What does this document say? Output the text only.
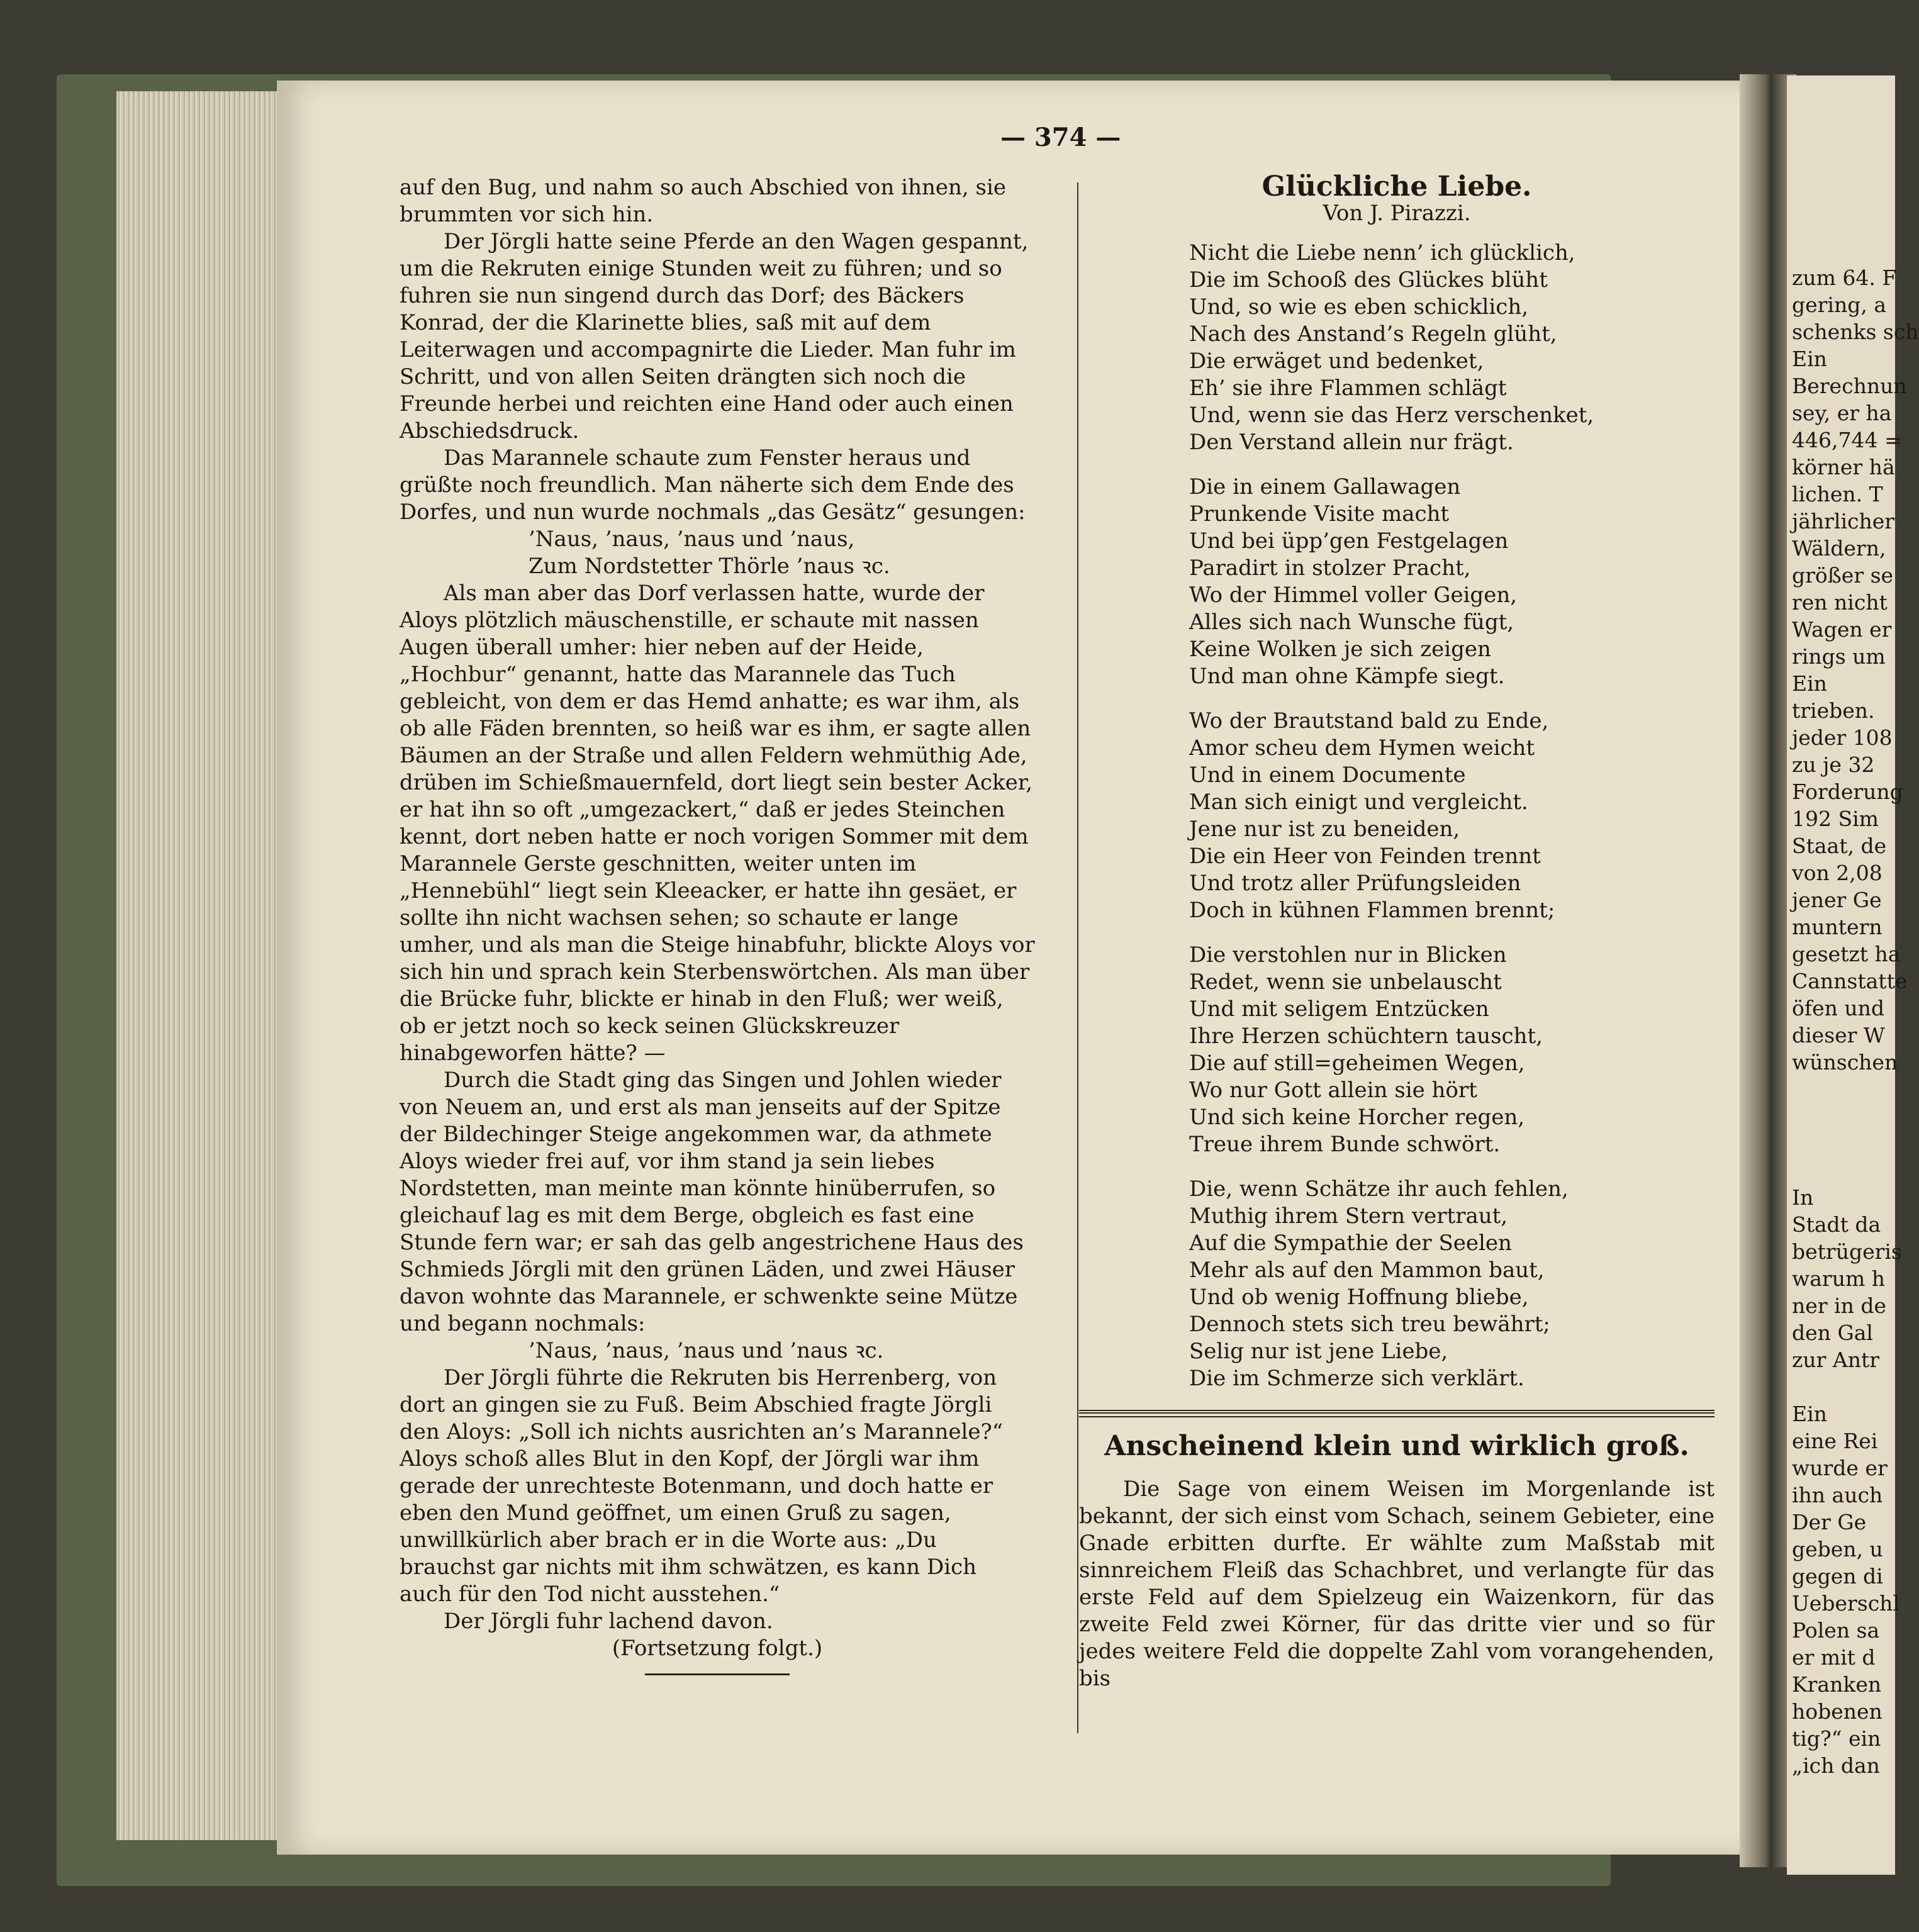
— 374 —

auf den Bug, und nahm so auch Abschied von ihnen, sie brummten vor sich hin.

Der Jörgli hatte seine Pferde an den Wagen gespannt, um die Rekruten einige Stunden weit zu führen; und so fuhren sie nun singend durch das Dorf; des Bäckers Konrad, der die Klarinette blies, saß mit auf dem Leiterwagen und accompagnirte die Lieder. Man fuhr im Schritt, und von allen Seiten drängten sich noch die Freunde herbei und reichten eine Hand oder auch einen Abschiedsdruck.

Das Marannele schaute zum Fenster heraus und grüßte noch freundlich. Man näherte sich dem Ende des Dorfes, und nun wurde nochmals „das Gesätz“ gesungen:

’Naus, ’naus, ’naus und ’naus,

Zum Nordstetter Thörle ’naus ꝛc.

Als man aber das Dorf verlassen hatte, wurde der Aloys plötzlich mäuschenstille, er schaute mit nassen Augen überall umher: hier neben auf der Heide, „Hochbur“ genannt, hatte das Marannele das Tuch gebleicht, von dem er das Hemd anhatte; es war ihm, als ob alle Fäden brennten, so heiß war es ihm, er sagte allen Bäumen an der Straße und allen Feldern wehmüthig Ade, drüben im Schießmauernfeld, dort liegt sein bester Acker, er hat ihn so oft „umgezackert,“ daß er jedes Steinchen kennt, dort neben hatte er noch vorigen Sommer mit dem Marannele Gerste geschnitten, weiter unten im „Hennebühl“ liegt sein Kleeacker, er hatte ihn gesäet, er sollte ihn nicht wachsen sehen; so schaute er lange umher, und als man die Steige hinabfuhr, blickte Aloys vor sich hin und sprach kein Sterbenswörtchen. Als man über die Brücke fuhr, blickte er hinab in den Fluß; wer weiß, ob er jetzt noch so keck seinen Glückskreuzer hinabgeworfen hätte? —

Durch die Stadt ging das Singen und Johlen wieder von Neuem an, und erst als man jenseits auf der Spitze der Bildechinger Steige angekommen war, da athmete Aloys wieder frei auf, vor ihm stand ja sein liebes Nordstetten, man meinte man könnte hinüberrufen, so gleichauf lag es mit dem Berge, obgleich es fast eine Stunde fern war; er sah das gelb angestrichene Haus des Schmieds Jörgli mit den grünen Läden, und zwei Häuser davon wohnte das Marannele, er schwenkte seine Mütze und begann nochmals:

’Naus, ’naus, ’naus und ’naus ꝛc.

Der Jörgli führte die Rekruten bis Herrenberg, von dort an gingen sie zu Fuß. Beim Abschied fragte Jörgli den Aloys: „Soll ich nichts ausrichten an’s Marannele?“ Aloys schoß alles Blut in den Kopf, der Jörgli war ihm gerade der unrechteste Botenmann, und doch hatte er eben den Mund geöffnet, um einen Gruß zu sagen, unwillkürlich aber brach er in die Worte aus: „Du brauchst gar nichts mit ihm schwätzen, es kann Dich auch für den Tod nicht ausstehen.“

Der Jörgli fuhr lachend davon.

(Fortsetzung folgt.)

Glückliche Liebe.
Von J. Pirazzi.
Nicht die Liebe nenn’ ich glücklich,
Die im Schooß des Glückes blüht
Und, so wie es eben schicklich,
Nach des Anstand’s Regeln glüht,
Die erwäget und bedenket,
Eh’ sie ihre Flammen schlägt
Und, wenn sie das Herz verschenket,
Den Verstand allein nur frägt.
Die in einem Gallawagen
Prunkende Visite macht
Und bei üpp’gen Festgelagen
Paradirt in stolzer Pracht,
Wo der Himmel voller Geigen,
Alles sich nach Wunsche fügt,
Keine Wolken je sich zeigen
Und man ohne Kämpfe siegt.
Wo der Brautstand bald zu Ende,
Amor scheu dem Hymen weicht
Und in einem Documente
Man sich einigt und vergleicht.
Jene nur ist zu beneiden,
Die ein Heer von Feinden trennt
Und trotz aller Prüfungsleiden
Doch in kühnen Flammen brennt;
Die verstohlen nur in Blicken
Redet, wenn sie unbelauscht
Und mit seligem Entzücken
Ihre Herzen schüchtern tauscht,
Die auf still=geheimen Wegen,
Wo nur Gott allein sie hört
Und sich keine Horcher regen,
Treue ihrem Bunde schwört.
Die, wenn Schätze ihr auch fehlen,
Muthig ihrem Stern vertraut,
Auf die Sympathie der Seelen
Mehr als auf den Mammon baut,
Und ob wenig Hoffnung bliebe,
Dennoch stets sich treu bewährt;
Selig nur ist jene Liebe,
Die im Schmerze sich verklärt.
Anscheinend klein und wirklich groß.

Die Sage von einem Weisen im Morgenlande ist bekannt, der sich einst vom Schach, seinem Gebieter, eine Gnade erbitten durfte. Er wählte zum Maßstab mit sinnreichem Fleiß das Schachbret, und verlangte für das erste Feld auf dem Spielzeug ein Waizenkorn, für das zweite Feld zwei Körner, für das dritte vier und so für jedes weitere Feld die doppelte Zahl vom vorangehenden, bis

zum 64. F
gering, a
schenks sch
Ein
Berechnun
sey, er ha
446,744 =
körner hä
lichen. T
jährlicher
Wäldern,
größer se
ren nicht
Wagen er
rings um
Ein
trieben.
jeder 108
zu je 32
Forderung
192 Sim
Staat, de
von 2,08
jener Ge
muntern
gesetzt ha
Cannstatte
öfen und
dieser W
wünschen
In
Stadt da
betrügeris
warum h
ner in de
den Gal
zur Antr
Ein
eine Rei
wurde er
ihn auch
Der Ge
geben, u
gegen di
Ueberschl
Polen sa
er mit d
Kranken
hobenen
tig?“ ein
„ich dan
